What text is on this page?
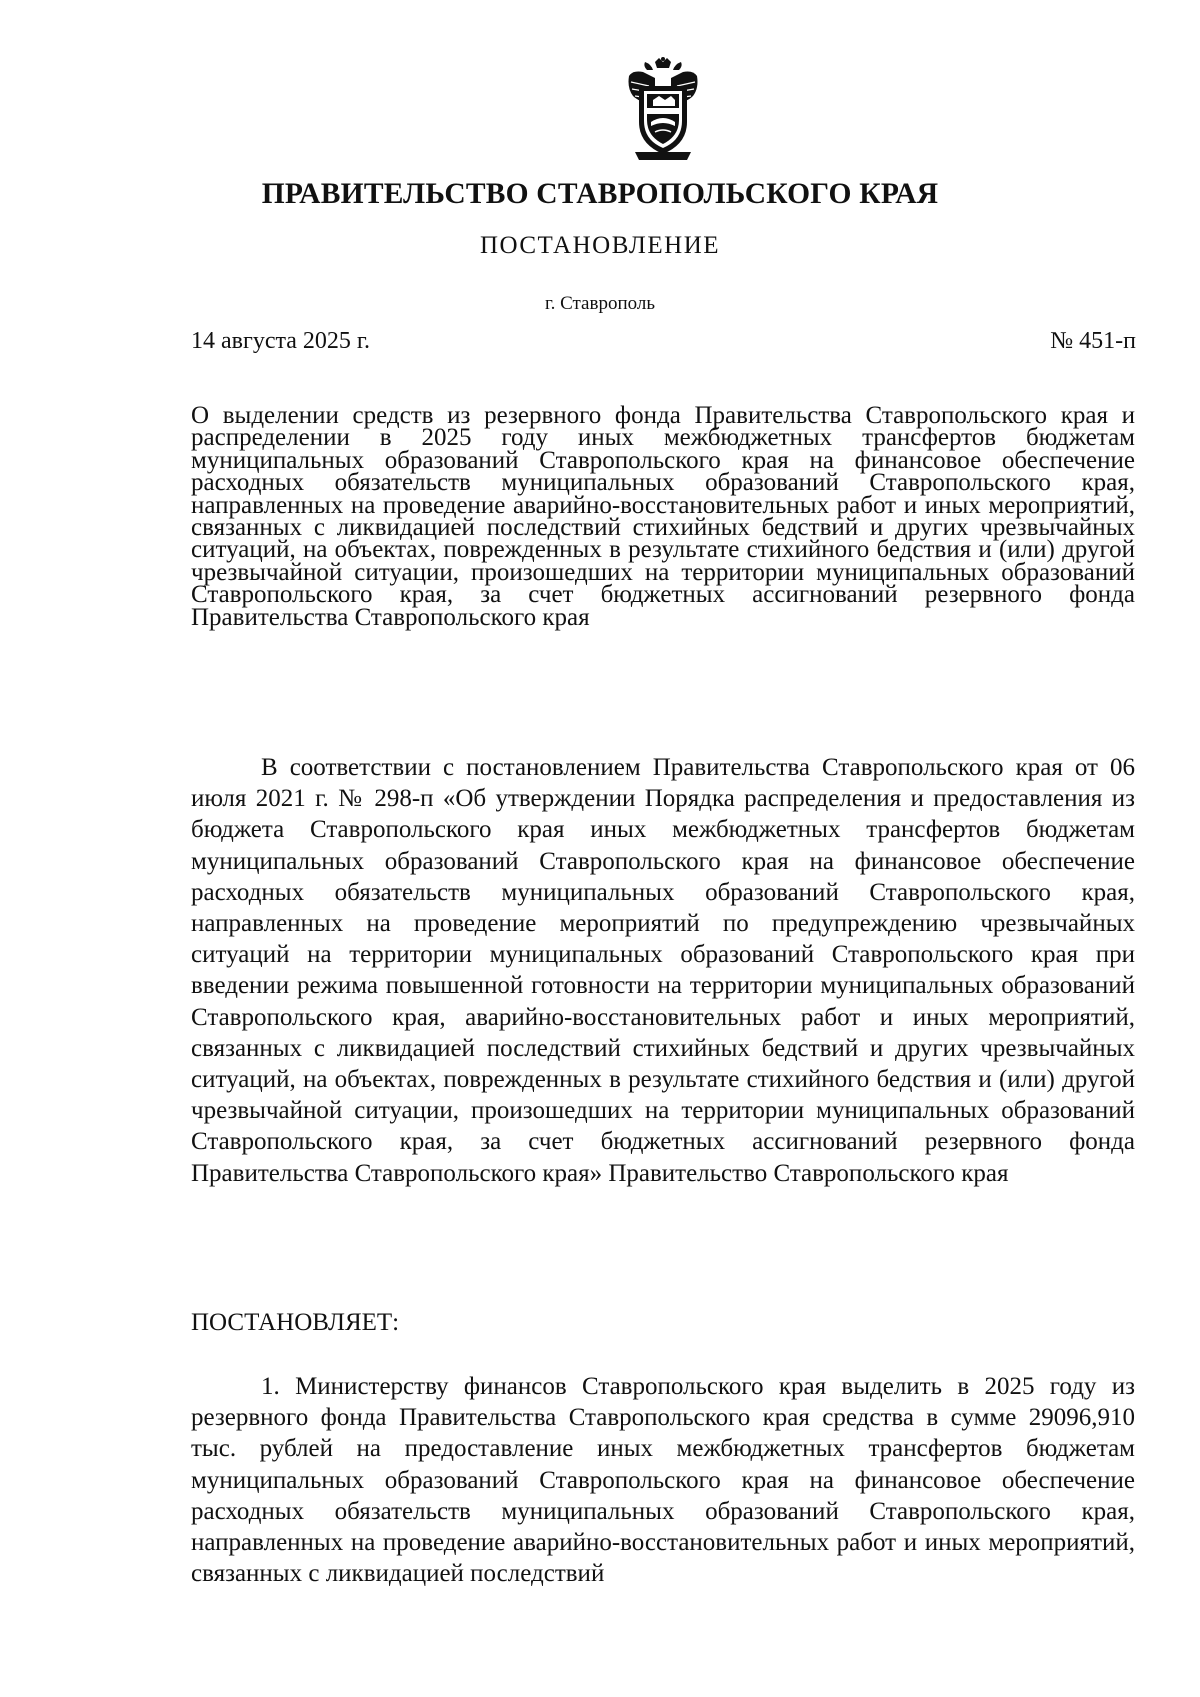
ПРАВИТЕЛЬСТВО СТАВРОПОЛЬСКОГО КРАЯ
ПОСТАНОВЛЕНИЕ
г. Ставрополь
14 августа 2025 г.	№ 451-п

О выделении средств из резервного фонда Правительства Ставропольского края и распределении в 2025 году иных межбюджетных трансфертов бюджетам муниципальных образований Ставропольского края на финансовое обеспечение расходных обязательств муниципальных образований Ставропольского края, направленных на проведение аварийно-восстановительных работ и иных мероприятий, связанных с ликвидацией последствий стихийных бедствий и других чрезвычайных ситуаций, на объектах, поврежденных в результате стихийного бедствия и (или) другой чрезвычайной ситуации, произошедших на территории муниципальных образований Ставропольского края, за счет бюджетных ассигнований резервного фонда Правительства Ставропольского края

В соответствии с постановлением Правительства Ставропольского края от 06 июля 2021 г. № 298-п «Об утверждении Порядка распределения и предоставления из бюджета Ставропольского края иных межбюджетных трансфертов бюджетам муниципальных образований Ставропольского края на финансовое обеспечение расходных обязательств муниципальных образований Ставропольского края, направленных на проведение мероприятий по предупреждению чрезвычайных ситуаций на территории муниципальных образований Ставропольского края при введении режима повышенной готовности на территории муниципальных образований Ставропольского края, аварийно-восстановительных работ и иных мероприятий, связанных с ликвидацией последствий стихийных бедствий и других чрезвычайных ситуаций, на объектах, поврежденных в результате стихийного бедствия и (или) другой чрезвычайной ситуации, произошедших на территории муниципальных образований Ставропольского края, за счет бюджетных ассигнований резервного фонда Правительства Ставропольского края» Правительство Ставропольского края

ПОСТАНОВЛЯЕТ:

1. Министерству финансов Ставропольского края выделить в 2025 году из резервного фонда Правительства Ставропольского края средства в сумме 29096,910 тыс. рублей на предоставление иных межбюджетных трансфертов бюджетам муниципальных образований Ставропольского края на финансовое обеспечение расходных обязательств муниципальных образований Ставропольского края, направленных на проведение аварийно-восстановительных работ и иных мероприятий, связанных с ликвидацией последствий
